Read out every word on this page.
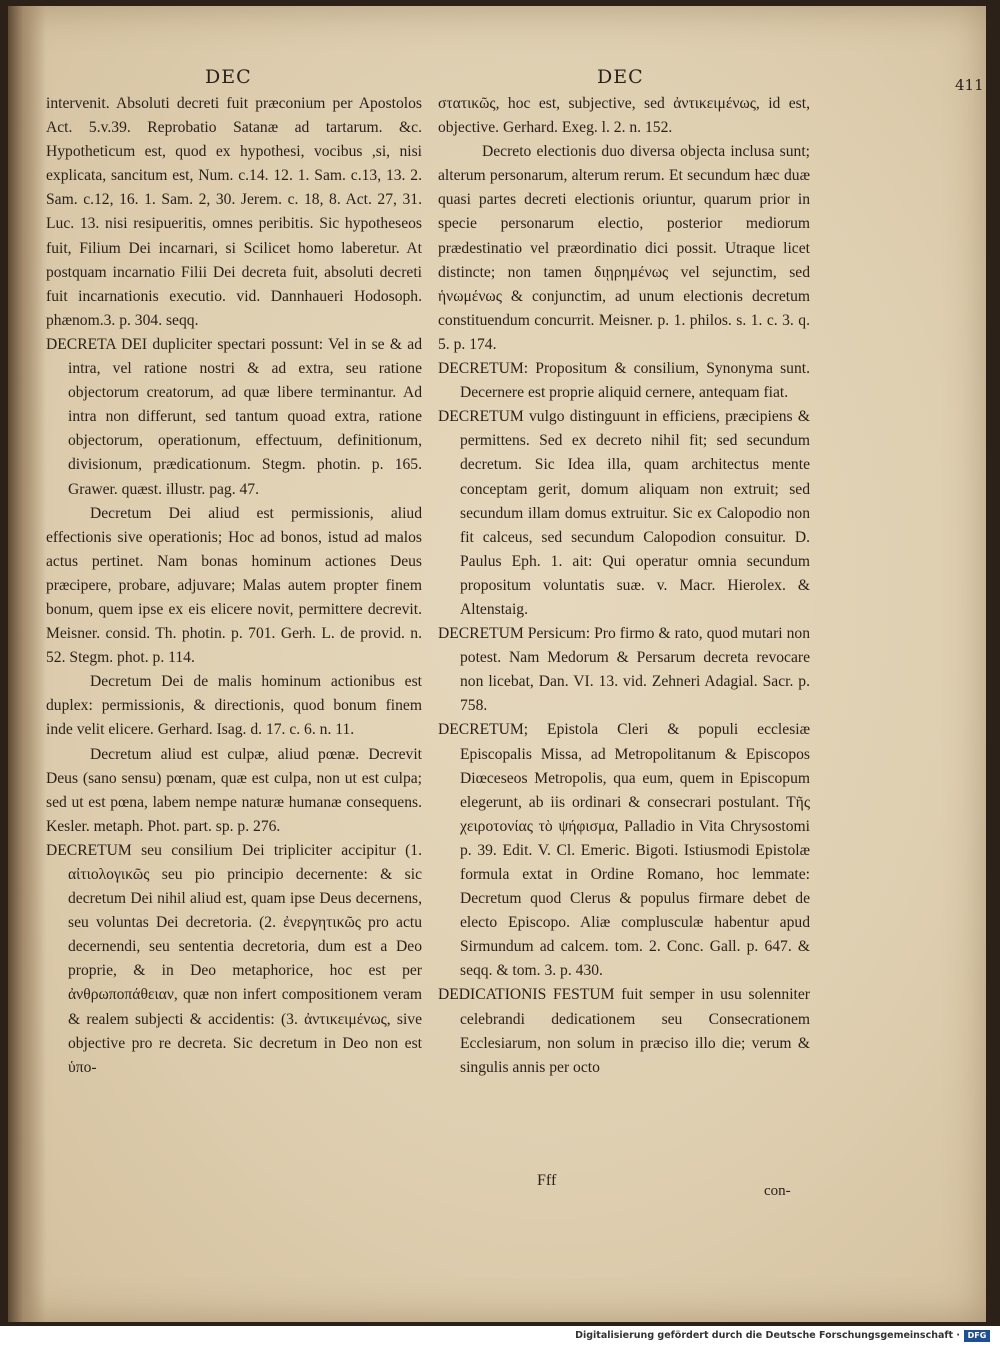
DEC	DEC	411

intervenit. Absoluti decreti fuit præconium per Apostolos Act. 5.v.39. Reprobatio Satanæ ad tartarum. &c. Hypotheticum est, quod ex hypothesi, vocibus ,si, nisi explicata, sancitum est, Num. c.14. 12. 1. Sam. c.13, 13. 2. Sam. c.12, 16. 1. Sam. 2, 30. Jerem. c. 18, 8. Act. 27, 31. Luc. 13. nisi resipueritis, omnes peribitis. Sic hypotheseos fuit, Filium Dei incarnari, si Scilicet homo laberetur. At postquam incarnatio Filii Dei decreta fuit, absoluti decreti fuit incarnationis executio. vid. Dannhaueri Hodosoph. phænom.3. p. 304. seqq.

DECRETA DEI dupliciter spectari possunt: Vel in se & ad intra, vel ratione nostri & ad extra, seu ratione objectorum creatorum, ad quæ libere terminantur. Ad intra non differunt, sed tantum quoad extra, ratione objectorum, operationum, effectuum, definitionum, divisionum, prædicationum. Stegm. photin. p. 165. Grawer. quæst. illustr. pag. 47.

Decretum Dei aliud est permissionis, aliud effectionis sive operationis; Hoc ad bonos, istud ad malos actus pertinet. Nam bonas hominum actiones Deus præcipere, probare, adjuvare; Malas autem propter finem bonum, quem ipse ex eis elicere novit, permittere decrevit. Meisner. consid. Th. photin. p. 701. Gerh. L. de provid. n. 52. Stegm. phot. p. 114.

Decretum Dei de malis hominum actionibus est duplex: permissionis, & directionis, quod bonum finem inde velit elicere. Gerhard. Isag. d. 17. c. 6. n. 11.

Decretum aliud est culpæ, aliud pœnæ. Decrevit Deus (sano sensu) pœnam, quæ est culpa, non ut est culpa; sed ut est pœna, labem nempe naturæ humanæ consequens. Kesler. metaph. Phot. part. sp. p. 276.

DECRETUM seu consilium Dei tripliciter accipitur (1. αἰτιολογικῶς seu pio principio decernente: & sic decretum Dei nihil aliud est, quam ipse Deus decernens, seu voluntas Dei decretoria. (2. ἐνεργητικῶς pro actu decernendi, seu sententia decretoria, dum est a Deo proprie, & in Deo metaphorice, hoc est per ἀνθρωποπάθειαν, quæ non infert compositionem veram & realem subjecti & accidentis: (3. ἀντικειμένως, sive objective pro re decreta. Sic decretum in Deo non est ὑπο-

στατικῶς, hoc est, subjective, sed ἀντικειμένως, id est, objective. Gerhard. Exeg. l. 2. n. 152.

Decreto electionis duo diversa objecta inclusa sunt; alterum personarum, alterum rerum. Et secundum hæc duæ quasi partes decreti electionis oriuntur, quarum prior in specie personarum electio, posterior mediorum prædestinatio vel præordinatio dici possit. Utraque licet distincte; non tamen διῃρημένως vel sejunctim, sed ἡνωμένως & conjunctim, ad unum electionis decretum constituendum concurrit. Meisner. p. 1. philos. s. 1. c. 3. q. 5. p. 174.

DECRETUM: Propositum & consilium, Synonyma sunt. Decernere est proprie aliquid cernere, antequam fiat.

DECRETUM vulgo distinguunt in efficiens, præcipiens & permittens. Sed ex decreto nihil fit; sed secundum decretum. Sic Idea illa, quam architectus mente conceptam gerit, domum aliquam non extruit; sed secundum illam domus extruitur. Sic ex Calopodio non fit calceus, sed secundum Calopodion consuitur. D. Paulus Eph. 1. ait: Qui operatur omnia secundum propositum voluntatis suæ. v. Macr. Hierolex. & Altenstaig.

DECRETUM Persicum: Pro firmo & rato, quod mutari non potest. Nam Medorum & Persarum decreta revocare non licebat, Dan. VI. 13. vid. Zehneri Adagial. Sacr. p. 758.

DECRETUM; Epistola Cleri & populi ecclesiæ Episcopalis Missa, ad Metropolitanum & Episcopos Diœceseos Metropolis, qua eum, quem in Episcopum elegerunt, ab iis ordinari & consecrari postulant. Τῆς χειροτονίας τὸ ψήφισμα, Palladio in Vita Chrysostomi p. 39. Edit. V. Cl. Emeric. Bigoti. Istiusmodi Epistolæ formula extat in Ordine Romano, hoc lemmate: Decretum quod Clerus & populus firmare debet de electo Episcopo. Aliæ complusculæ habentur apud Sirmundum ad calcem. tom. 2. Conc. Gall. p. 647. & seqq. & tom. 3. p. 430.

DEDICATIONIS FESTUM fuit semper in usu solenniter celebrandi dedicationem seu Consecrationem Ecclesiarum, non solum in præciso illo die; verum & singulis annis per octo

Fff
con-
Digitalisierung gefördert durch die Deutsche Forschungsgemeinschaft · DFG
